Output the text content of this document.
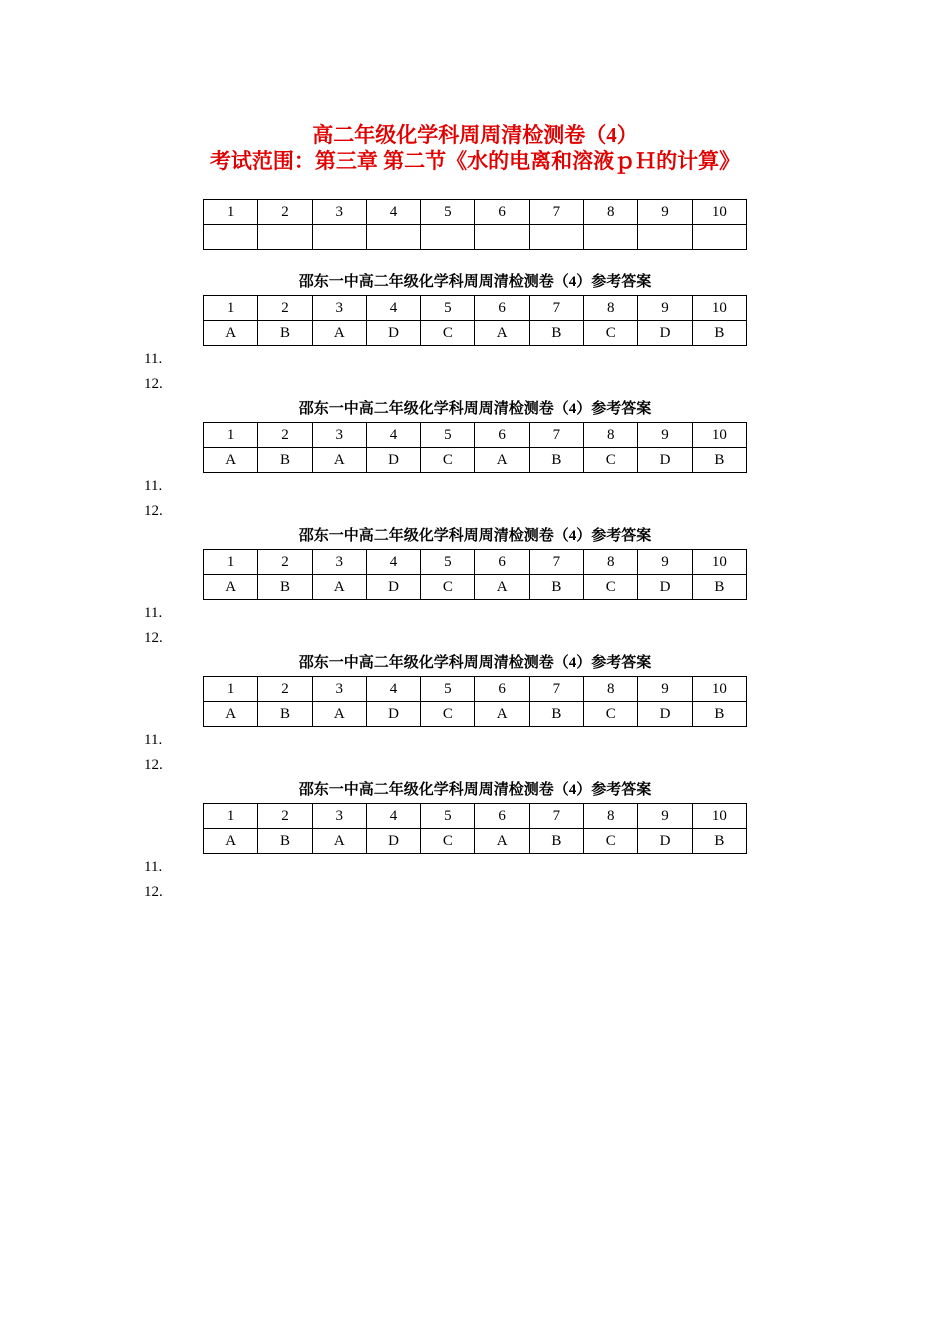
高二年级化学科周周清检测卷（4）
考试范围：第三章 第二节《水的电离和溶液ｐＨ的计算》
1	2	3	4	5	6	7	8	9	10

邵东一中高二年级化学科周周清检测卷（4）参考答案
1	2	3	4	5	6	7	8	9	10
A	B	A	D	C	A	B	C	D	B
11.
12.
邵东一中高二年级化学科周周清检测卷（4）参考答案
1	2	3	4	5	6	7	8	9	10
A	B	A	D	C	A	B	C	D	B
11.
12.
邵东一中高二年级化学科周周清检测卷（4）参考答案
1	2	3	4	5	6	7	8	9	10
A	B	A	D	C	A	B	C	D	B
11.
12.
邵东一中高二年级化学科周周清检测卷（4）参考答案
1	2	3	4	5	6	7	8	9	10
A	B	A	D	C	A	B	C	D	B
11.
12.
邵东一中高二年级化学科周周清检测卷（4）参考答案
1	2	3	4	5	6	7	8	9	10
A	B	A	D	C	A	B	C	D	B
11.
12.
